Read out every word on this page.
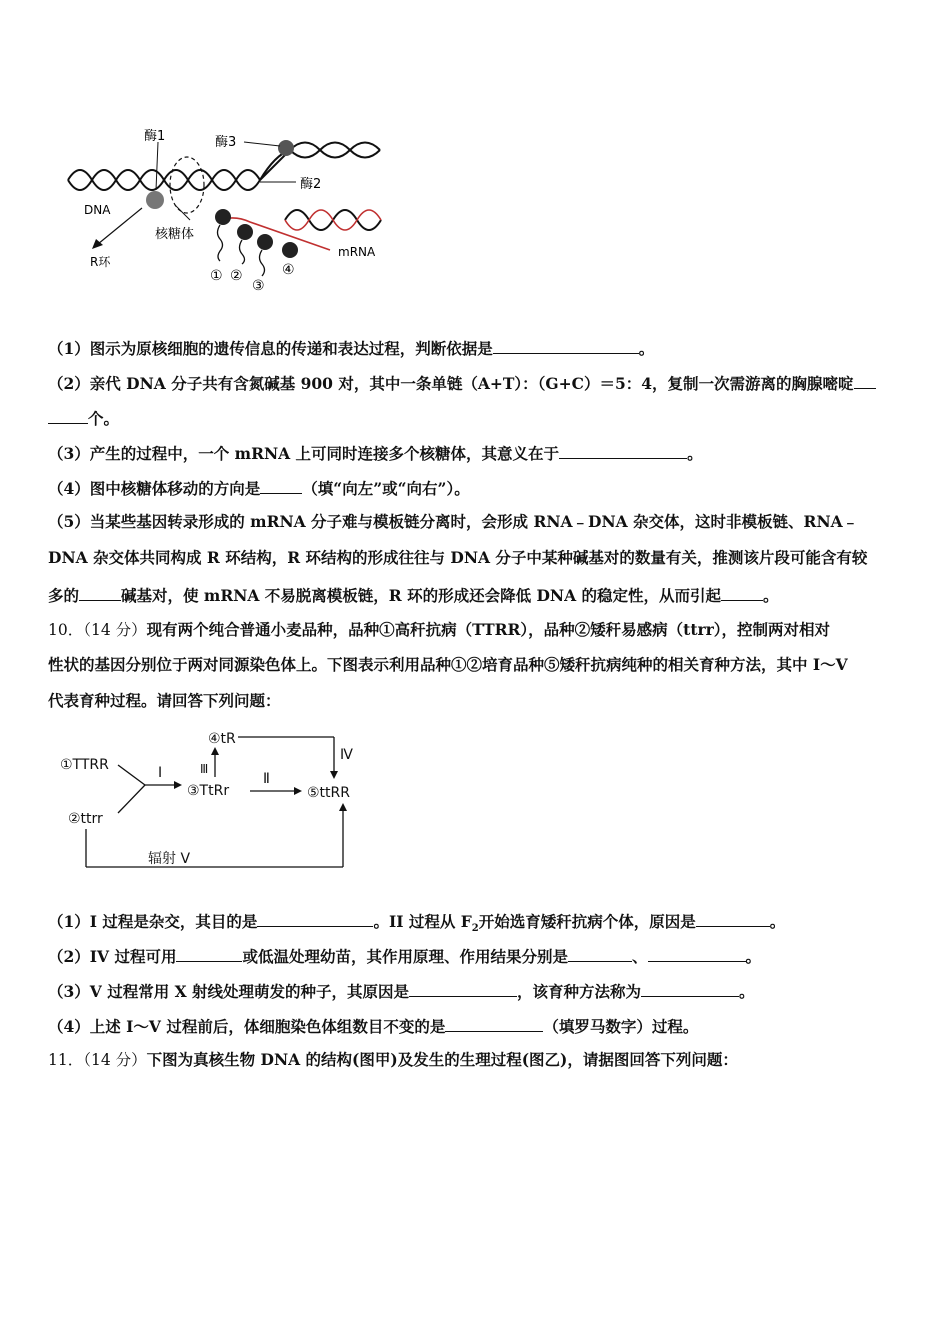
酶1	酶3
酶2
DNA
核糖体
R环
mRNA
① ②
③
④
（1）图示为原核细胞的遗传信息的传递和表达过程，判断依据是	。
（2）亲代 DNA 分子共有含氮碱基 900 对，其中一条单链（A+T）：（G+C）＝5：4，复制一次需游离的胸腺嘧啶
个。
（3）产生的过程中，一个 mRNA 上可同时连接多个核糖体，其意义在于	。
（4）图中核糖体移动的方向是	（填“向左”或“向右”）。
（5）当某些基因转录形成的 mRNA 分子难与模板链分离时，会形成 RNA﹣DNA 杂交体，这时非模板链、RNA﹣
DNA 杂交体共同构成 R 环结构，R 环结构的形成往往与 DNA 分子中某种碱基对的数量有关，推测该片段可能含有较
多的	碱基对，使 mRNA 不易脱离模板链，R 环的形成还会降低 DNA 的稳定性，从而引起	。
10．（14 分）现有两个纯合普通小麦品种，品种①高秆抗病（TTRR），品种②矮秆易感病（ttrr），控制两对相对
性状的基因分别位于两对同源染色体上。下图表示利用品种①②培育品种⑤矮秆抗病纯种的相关育种方法，其中 I～V
代表育种过程。请回答下列问题：
①TTRR
②ttrr
③TtRr
④tR
⑤ttRR
I	Ⅱ
Ⅲ
Ⅳ
辐射 V
（1）I 过程是杂交，其目的是	。II 过程从 $F_2$开始选育矮秆抗病个体，原因是	。
（2）IV 过程可用	或低温处理幼苗，其作用原理、作用结果分别是	、	。
（3）V 过程常用 X 射线处理萌发的种子，其原因是	，该育种方法称为	。
（4）上述 I～V 过程前后，体细胞染色体组数目不变的是	（填罗马数字）过程。
11．（14 分）下图为真核生物 DNA 的结构(图甲)及发生的生理过程(图乙)，请据图回答下列问题：
